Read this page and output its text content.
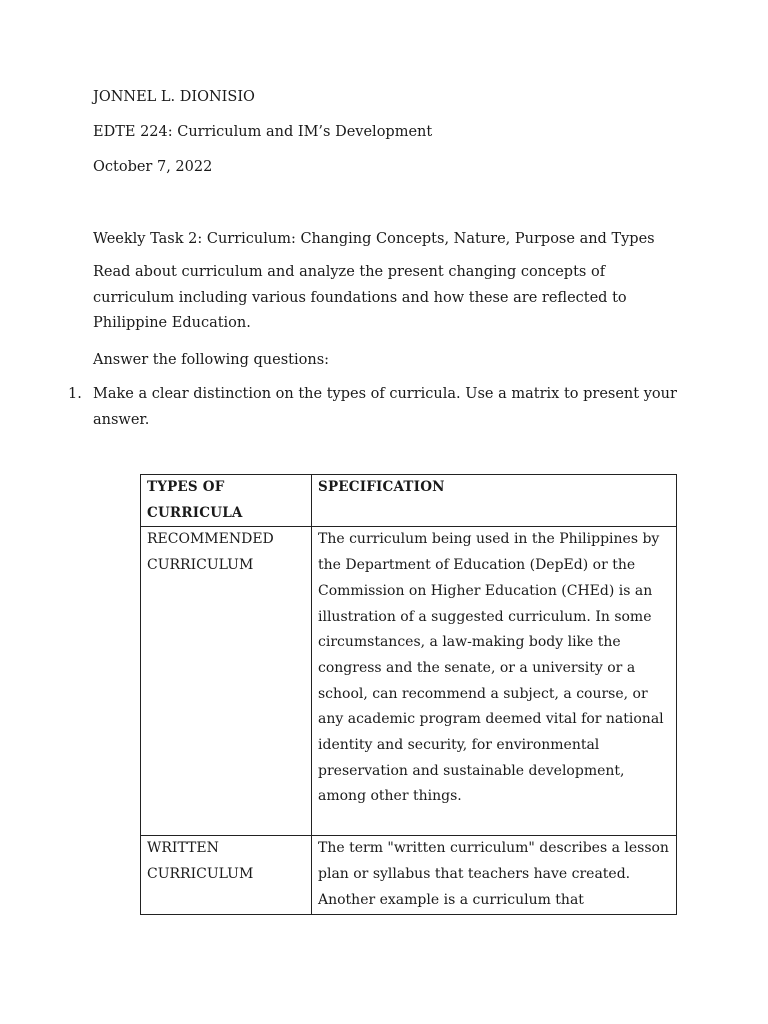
JONNEL L. DIONISIO
EDTE 224: Curriculum and IM’s Development
October 7, 2022
Weekly Task 2: Curriculum: Changing Concepts, Nature, Purpose and Types
Read about curriculum and analyze the present changing concepts of curriculum including various foundations and how these are reflected to Philippine Education.
Answer the following questions:
1. Make a clear distinction on the types of curricula. Use a matrix to present your answer.
TYPES OF CURRICULA	SPECIFICATION
RECOMMENDED CURRICULUM	The curriculum being used in the Philippines by the Department of Education (DepEd) or the Commission on Higher Education (CHEd) is an illustration of a suggested curriculum. In some circumstances, a law-making body like the congress and the senate, or a university or a school, can recommend a subject, a course, or any academic program deemed vital for national identity and security, for environmental preservation and sustainable development, among other things.
WRITTEN CURRICULUM	The term "written curriculum" describes a lesson plan or syllabus that teachers have created. Another example is a curriculum that
